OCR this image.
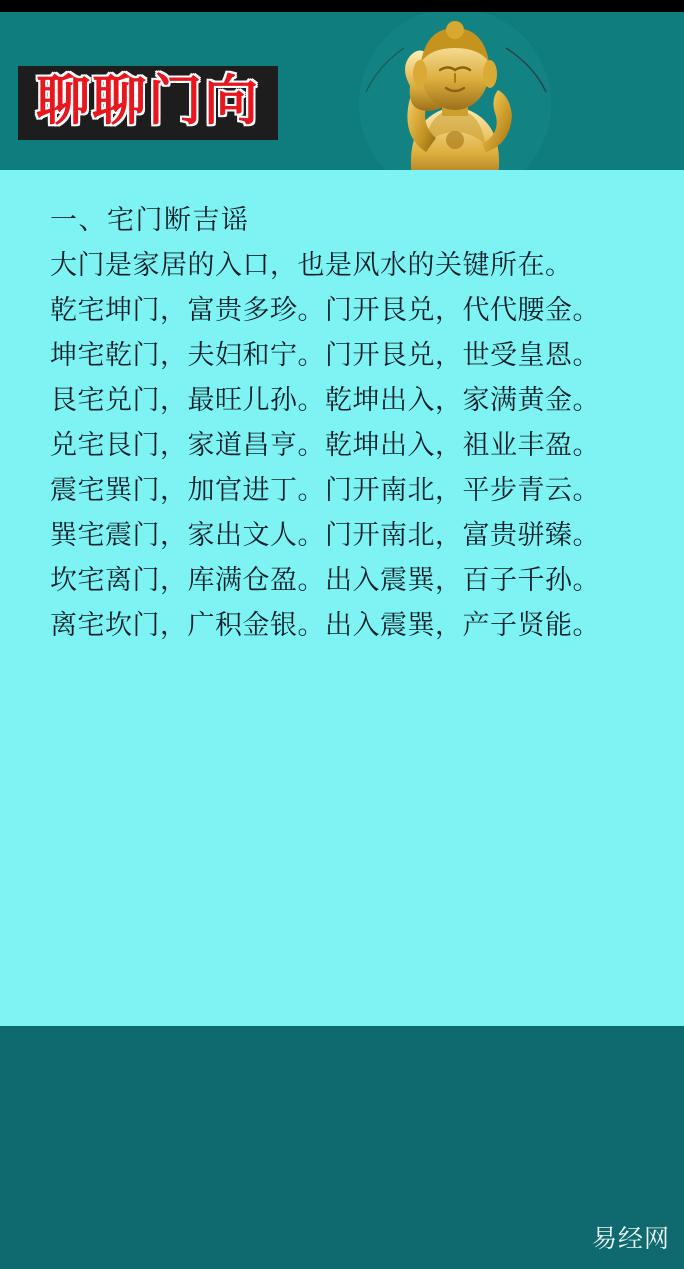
聊聊门向
一、宅门断吉谣
大门是家居的入口，也是风水的关键所在。
乾宅坤门，富贵多珍。门开艮兑，代代腰金。
坤宅乾门，夫妇和宁。门开艮兑，世受皇恩。
艮宅兑门，最旺儿孙。乾坤出入，家满黄金。
兑宅艮门，家道昌亨。乾坤出入，祖业丰盈。
震宅巽门，加官进丁。门开南北，平步青云。
巽宅震门，家出文人。门开南北，富贵骈臻。
坎宅离门，库满仓盈。出入震巽，百子千孙。
离宅坎门，广积金银。出入震巽，产子贤能。
易经网
